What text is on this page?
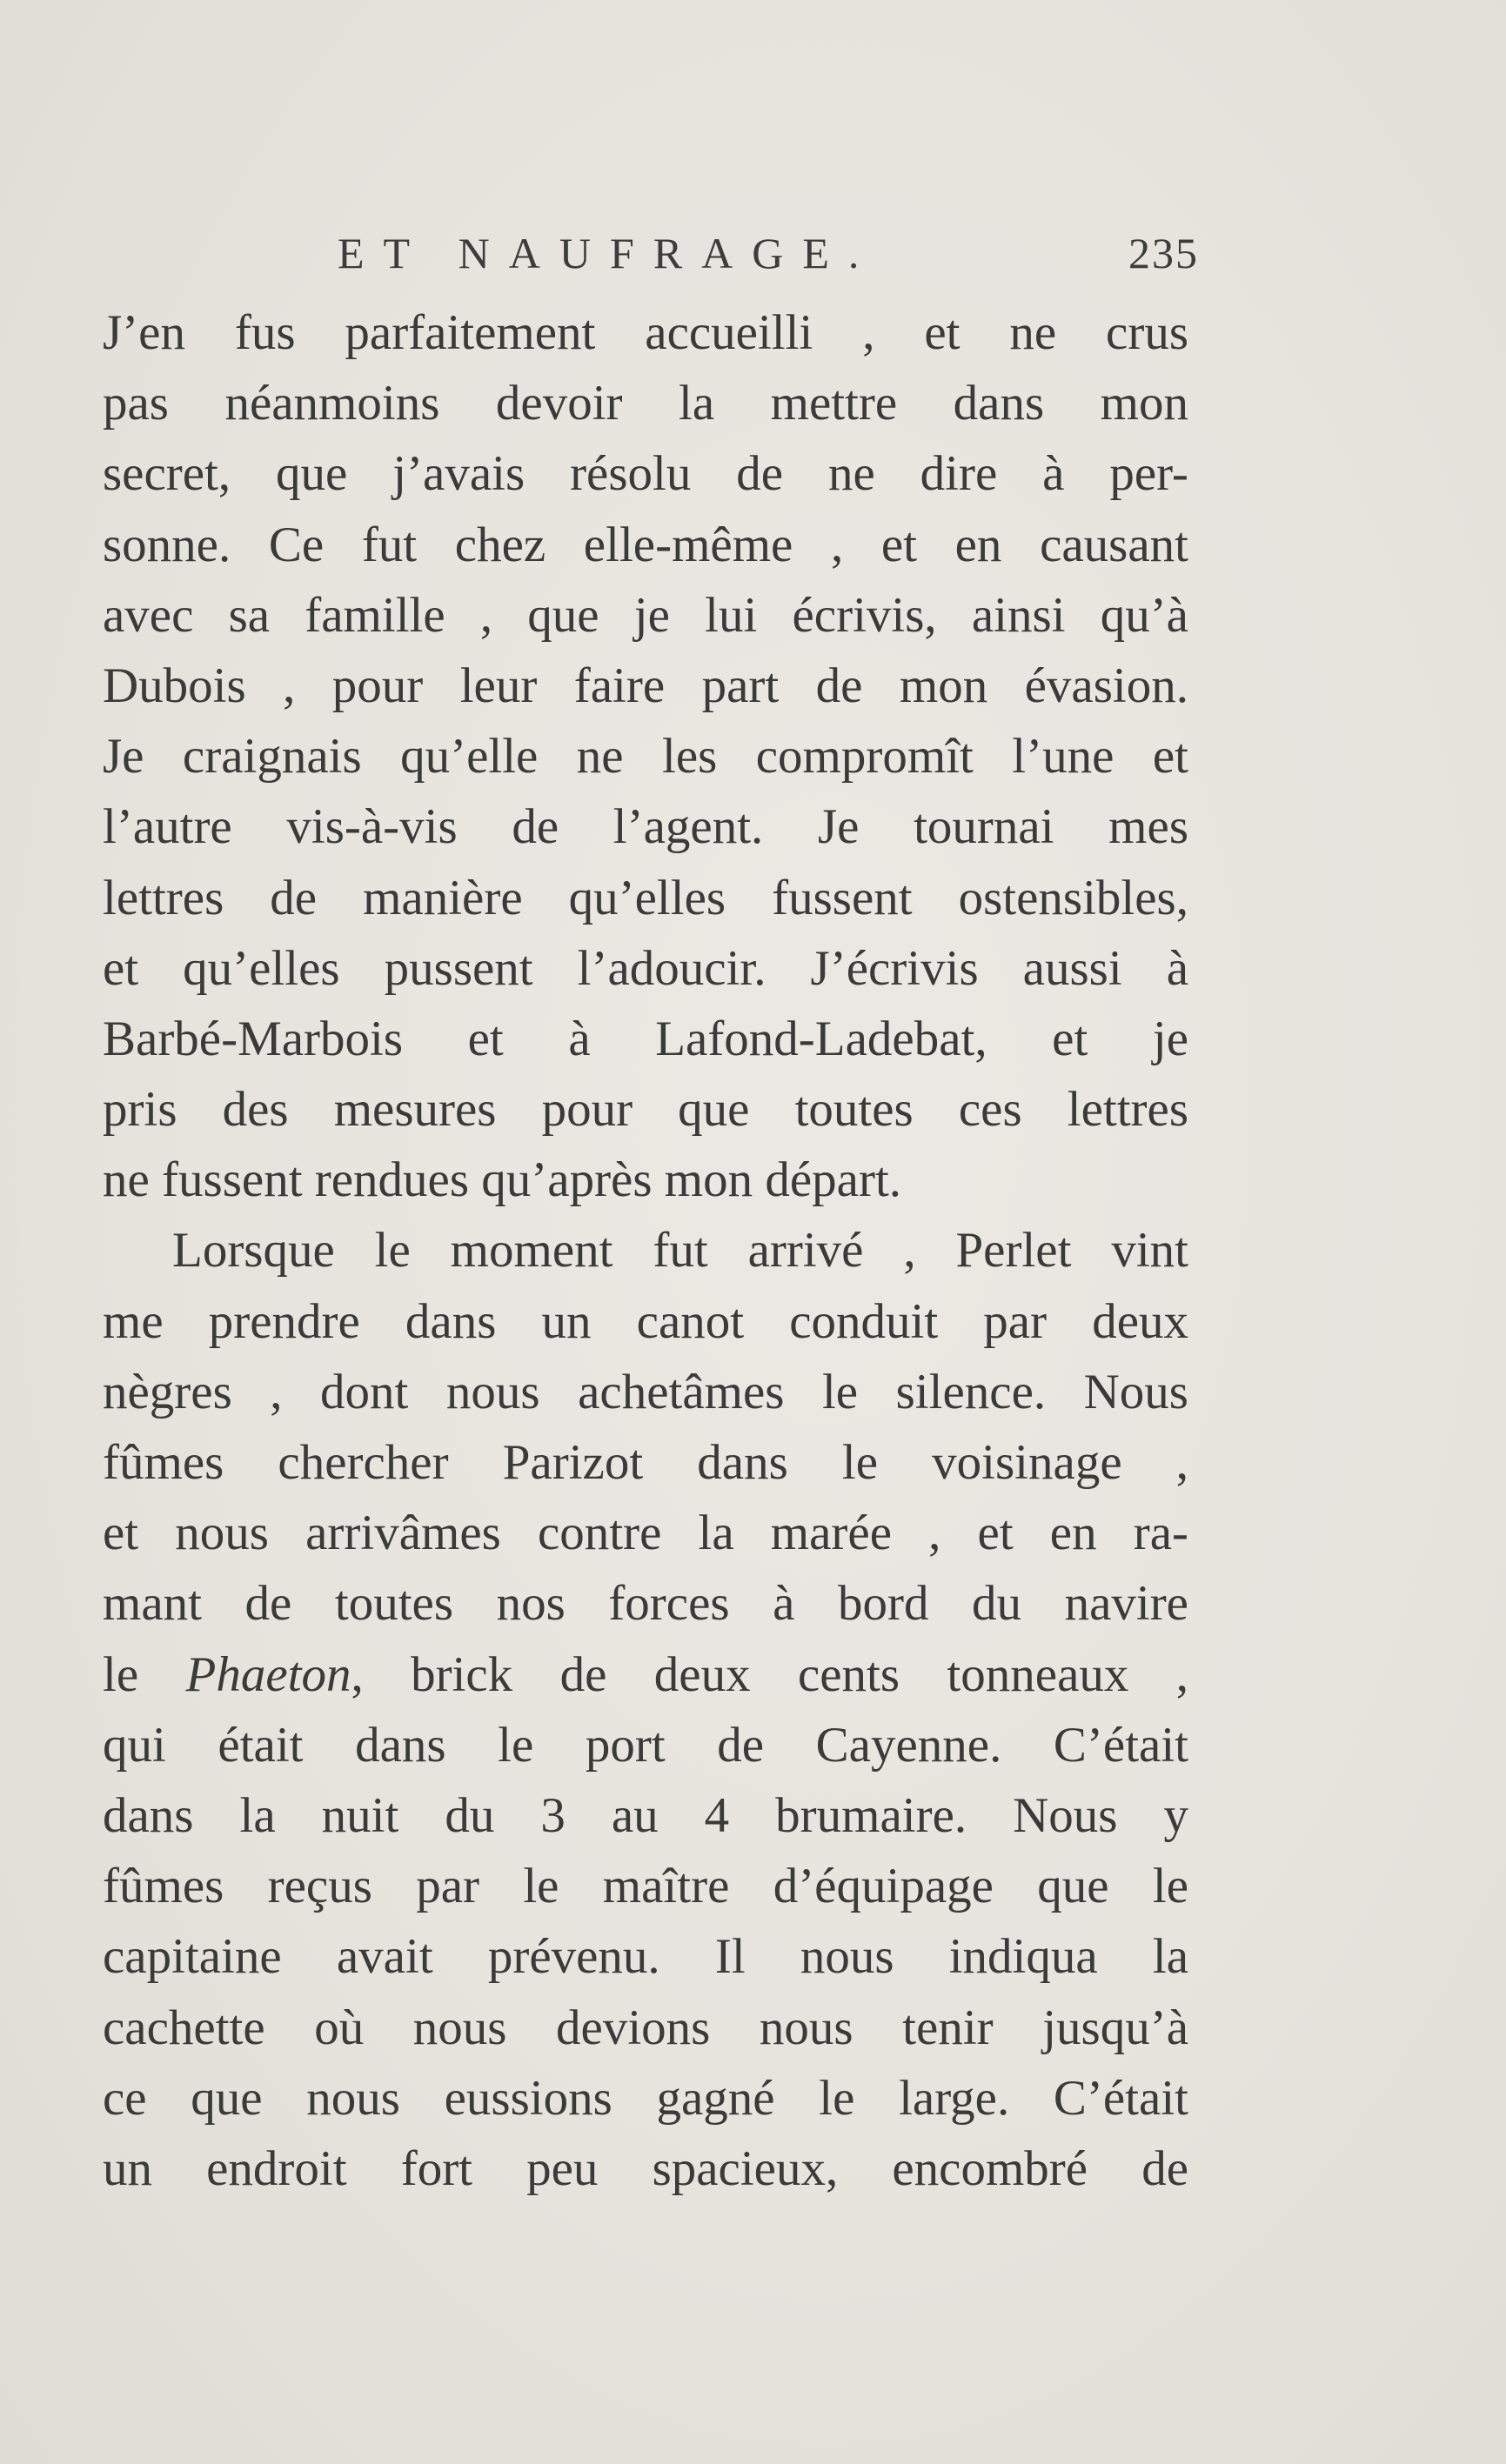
ET NAUFRAGE.	235
J’en fus parfaitement accueilli , et ne crus
pas néanmoins devoir la mettre dans mon
secret, que j’avais résolu de ne dire à per-
sonne. Ce fut chez elle-même , et en causant
avec sa famille , que je lui écrivis, ainsi qu’à
Dubois , pour leur faire part de mon évasion.
Je craignais qu’elle ne les compromît l’une et
l’autre vis-à-vis de l’agent. Je tournai mes
lettres de manière qu’elles fussent ostensibles,
et qu’elles pussent l’adoucir. J’écrivis aussi à
Barbé-Marbois et à Lafond-Ladebat, et je
pris des mesures pour que toutes ces lettres
ne fussent rendues qu’après mon départ.
Lorsque le moment fut arrivé , Perlet vint
me prendre dans un canot conduit par deux
nègres , dont nous achetâmes le silence. Nous
fûmes chercher Parizot dans le voisinage ,
et nous arrivâmes contre la marée , et en ra-
mant de toutes nos forces à bord du navire
le Phaeton, brick de deux cents tonneaux ,
qui était dans le port de Cayenne. C’était
dans la nuit du 3 au 4 brumaire. Nous y
fûmes reçus par le maître d’équipage que le
capitaine avait prévenu. Il nous indiqua la
cachette où nous devions nous tenir jusqu’à
ce que nous eussions gagné le large. C’était
un endroit fort peu spacieux, encombré de
